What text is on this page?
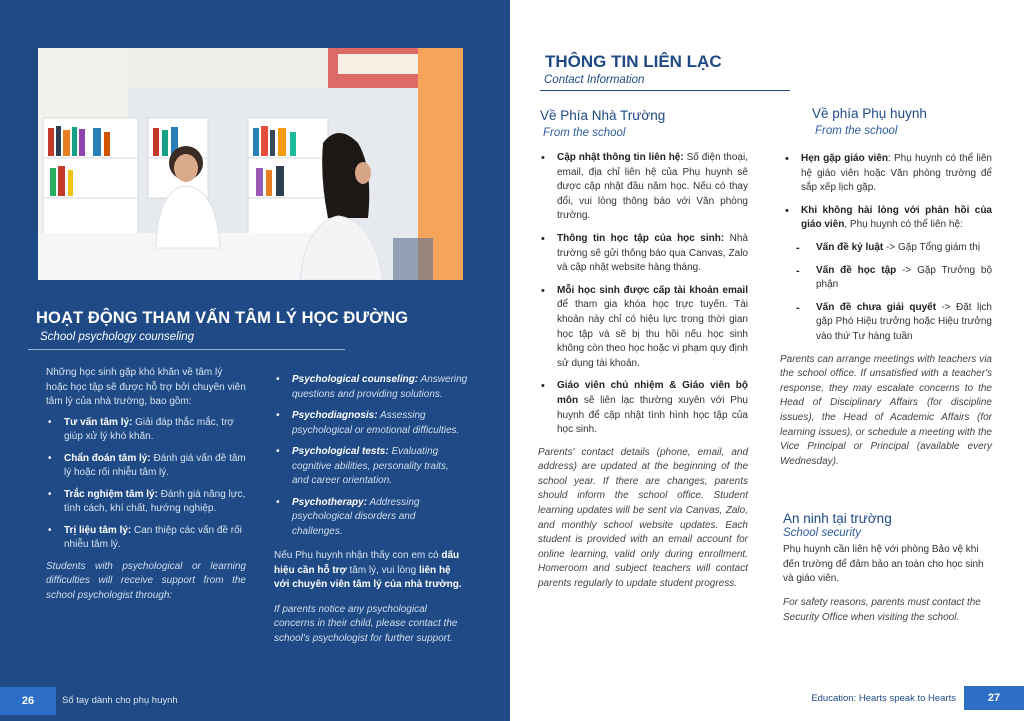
HOẠT ĐỘNG THAM VẤN TÂM LÝ HỌC ĐƯỜNG
School psychology counseling

Những học sinh gặp khó khăn về tâm lý hoặc học tập sẽ được hỗ trợ bởi chuyên viên tâm lý của nhà trường, bao gồm:

• Tư vấn tâm lý: Giải đáp thắc mắc, trợ giúp xử lý khó khăn.
• Chẩn đoán tâm lý: Đánh giá vấn đề tâm lý hoặc rối nhiễu tâm lý.
• Trắc nghiệm tâm lý: Đánh giá năng lực, tính cách, khí chất, hướng nghiệp.
• Trị liệu tâm lý: Can thiệp các vấn đề rối nhiễu tâm lý.

Students with psychological or learning difficulties will receive support from the school psychologist through:

• Psychological counseling: Answering questions and providing solutions.
• Psychodiagnosis: Assessing psychological or emotional difficulties.
• Psychological tests: Evaluating cognitive abilities, personality traits, and career orientation.
• Psychotherapy: Addressing psychological disorders and challenges.

Nếu Phụ huynh nhận thấy con em có dấu hiệu cần hỗ trợ tâm lý, vui lòng liên hệ với chuyên viên tâm lý của nhà trường.

If parents notice any psychological concerns in their child, please contact the school's psychologist for further support.

26	Sổ tay dành cho phụ huynh
THÔNG TIN LIÊN LẠC
Contact Information
Về Phía Nhà Trường
From the school
• Cập nhật thông tin liên hệ: Số điện thoại, email, địa chỉ liên hệ của Phụ huynh sẽ được cập nhật đầu năm học. Nếu có thay đổi, vui lòng thông báo với Văn phòng trường.
• Thông tin học tập của học sinh: Nhà trường sẽ gửi thông báo qua Canvas, Zalo và cập nhật website hàng tháng.
• Mỗi học sinh được cấp tài khoản email để tham gia khóa học trực tuyến. Tài khoản này chỉ có hiệu lực trong thời gian học tập và sẽ bị thu hồi nếu học sinh không còn theo học hoặc vi phạm quy định sử dụng tài khoản.
• Giáo viên chủ nhiệm & Giáo viên bộ môn sẽ liên lạc thường xuyên với Phụ huynh để cập nhật tình hình học tập của học sinh.

Parents' contact details (phone, email, and address) are updated at the beginning of the school year. If there are changes, parents should inform the school office. Student learning updates will be sent via Canvas, Zalo, and monthly school website updates. Each student is provided with an email account for online learning, valid only during enrollment. Homeroom and subject teachers will contact parents regularly to update student progress.

Về phía Phụ huynh
From the school
• Hẹn gặp giáo viên: Phụ huynh có thể liên hệ giáo viên hoặc Văn phòng trường để sắp xếp lịch gặp.
• Khi không hài lòng với phản hồi của giáo viên, Phụ huynh có thể liên hệ:
- Vấn đề kỷ luật -> Gặp Tổng giám thị
- Vấn đề học tập -> Gặp Trưởng bộ phận
- Vấn đề chưa giải quyết -> Đặt lịch gặp Phó Hiệu trưởng hoặc Hiệu trưởng vào thứ Tư hàng tuần

Parents can arrange meetings with teachers via the school office. If unsatisfied with a teacher's response, they may escalate concerns to the Head of Disciplinary Affairs (for discipline issues), the Head of Academic Affairs (for learning issues), or schedule a meeting with the Vice Principal or Principal (available every Wednesday).

An ninh tại trường
School security
Phụ huynh cần liên hệ với phòng Bảo vệ khi đến trường để đảm bảo an toàn cho học sinh và giáo viên.
For safety reasons, parents must contact the Security Office when visiting the school.
Education: Hearts speak to Hearts	27
